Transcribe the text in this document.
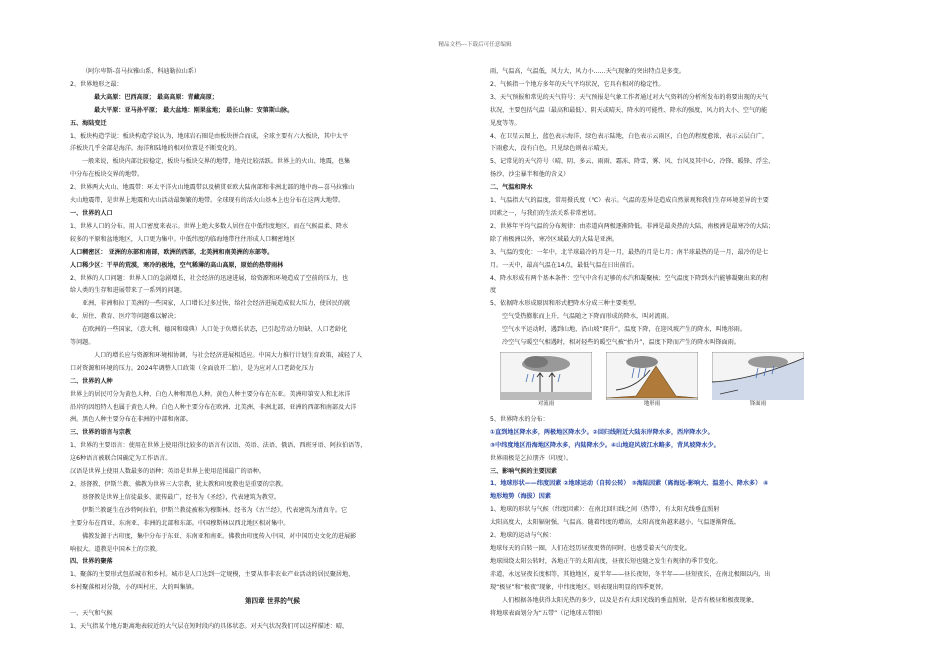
精品文档---下载后可任意编辑
（阿尔卑斯-喜马拉雅山系、科迪勒拉山系）
2、世界地形之最：
最大高原：巴西高原； 最高高原：青藏高原；
最大平原：亚马孙平原； 最大盆地：刚果盆地； 最长山脉：安第斯山脉。
五、海陆变迁
1、板块构造学说：板块构造学说认为，地球岩石圈是由板块拼合而成，全球主要有六大板块，其中太平
洋板块几乎全部是海洋。海洋和陆地的相对位置是不断变化的。
一般来说，板块内部比较稳定，板块与板块交界的地带，地壳比较活跃。世界上的火山、地震，也集
中分布在板块交界的地带。
2、世界两大火山、地震带：环太平洋火山地震带以及横贯亚欧大陆南部和非洲北部的地中海—喜马拉雅山
火山地震带，是世界上地震和火山活动最频繁的地带。全球现有的活火山基本上也分布在这两大地带。
一、世界的人口
1、世界人口的分布。用人口密度来表示。世界上绝大多数人居住在中低纬度地区，而在气候温柔、降水
较多的平原和盆地地区，人口更为集中。中低纬度的临海地带往往形成人口稠密地区
人口稠密区： 亚洲的东部和南部，欧洲的西部，北美洲和南美洲的东部等。
人口稀少区：干旱的荒漠，寒冷的极地，空气稀薄的高山高原，原始的热带雨林
2、世界的人口问题：世界人口的急剧增长，社会经济的迅速进展，给资源和环境造成了空前的压力，也
给人类的生存和进展带来了一系列的问题。
亚洲、非洲和拉丁美洲的一些国家，人口增长过多过快，给社会经济进展造成很大压力，使居民的就
业、居住、教育、医疗等问题难以解决；
在欧洲的一些国家，（意大利、德国和瑞典）人口处于负增长状态，已引起劳动力短缺、人口老龄化
等问题。
人口的增长应与资源和环境相协调，与社会经济进展相适应。中国大力推行计划生育政策，减轻了人
口对资源和环境的压力。2024年调整人口政策（全面放开二胎），是为应对人口老龄化压力
二、世界的人种
世界上的居民可分为黄色人种、白色人种和黑色人种。黄色人种主要分布在东亚。美洲印第安人和北冰洋
沿岸的因纽特人也属于黄色人种。白色人种主要分布在欧洲、北美洲、非洲北部、亚洲的西部和南部及大洋
洲。黑色人种主要分布在非洲的中部和南部。
三、世界的语言与宗教
1、世界的主要语言：使用在世界上使用得比较多的语言有汉语、英语、法语、俄语、西班牙语、阿拉伯语等，
这6种语言被联合国确定为工作语言。
汉语是世界上使用人数最多的语种；英语是世界上使用范围最广的语种。
2、基督教、伊斯兰教、佛教为世界三大宗教，犹太教和印度教也是重要的宗教。
基督教是世界上信徒最多、流传最广，经书为《圣经》，代表建筑为教堂。
伊斯兰教诞生在沙特阿拉伯，伊斯兰教徒被称为穆斯林。经书为《古兰经》，代表建筑为清真寺。它
主要分布在西亚、东南亚、非洲的北部和东部。中国穆斯林以西北地区相对集中。
佛教发源于古印度，集中分布于东亚、东南亚和南亚。佛教由印度传入中国，对中国历史文化的进展影
响很大。道教是中国本土的宗教。
四、世界的聚落
1、聚落的主要形式包括城市和乡村。城市是人口达到一定规模，主要从事非农业产业活动的居民聚居地，
乡村聚落相对分散，小的叫村庄，大的叫集镇。
第四章 世界的气候
一、天气和气候
1、天气指某个地方距离地表较近的大气层在短时段内的具体状态。对天气状况我们可以这样描述：晴，
雨，气温高，气温低，风力大，风力小……天气现象的突出特点是多变。
2、气候指一个地方多年的天气平均状况，它具有相对的稳定性。
3、天气预报和常见的天气符号：天气预报是气象工作者通过对大气资料的分析所发布的将要出现的天气
状况，主要包括气温（最高和最低）、阴天或晴天、降水的可能性、降水的强度、风力的大小、空气的能
见度等等。
4、在卫星云图上，蓝色表示海洋，绿色表示陆地，白色表示云雨区，白色的程度愈浓，表示云层白广，
下雨愈大，没有白色，只见绿色则表示晴天。
5、记常见的天气符号（晴、阴、多云、雨雨、霜冻、降雪、雾、风、台风及其中心、冷锋、暖锋、浮尘、
扬沙、沙尘暴半和他的含义）
二、气温和降水
1、气温指大气的温度，常用摄氏度（℃）表示。气温的差异是造成自然景观和我们生存环境差异的主要
因素之一，与我们的生活关系非常密切。
2、世界年平均气温的分布规律：由赤道向两极逐渐降低。非洲是最炎热的大陆，南极洲是最寒冷的大陆；
除了南极洲以外，寒冷区域最大的大陆是亚洲。
3、气温的变化：一年中，北半球最冷的月是一月，最热的月是七月；南半球最热的是一月，最冷的是七
月。一天中，最高气温在14点，最低气温在日出前后。
4、降水形成有两个基本条件：空气中含有足够的水汽和凝聚核；空气温度下降到水汽能够凝聚出来的程
度
5、依据降水形成原因和形式把降水分成三种主要类型。
空气受热膨胀而上升，气温随之下降而形成的降水，叫对流雨。
空气水平运动时，遇到山地，沿山坡“爬升”，温度下降，在迎风坡产生的降水，叫地形雨。
冷空气与暖空气相遇时，相对轻些的暖空气被“抬升”，温度下降而产生的降水叫锋面雨。
对流雨	地形雨	锋面雨
5、世界降水的分布：
①直到地区降水多，两极地区降水少。②回归线附近大陆东岸降水多，西岸降水少。
③中纬度地区沿海地区降水多，内陆降水少。④山地迎风坡江水略多，背风坡降水少。
世界雨极是乞拉朋齐（印度）。
三、影响气候的主要因素
1、地球形状——纬度因素 ②地球运动（自转公转） ③海陆因素（离海远-影响大、温差小、降水多） ④
地形地势（海拔）因素
1、地球的形状与气候（纬度因素）：在南北回归线之间（热带），有太阳光线垂直照射
太阳高度大，太阳辐射强，气温高。随着纬度的增高，太阳高度角越来越小，气温逐渐降低。
2、地球的运动与气候：
地球每天的自转一圈，人们在经历昼夜更替的同时，也感受着天气的变化。
地球围绕太阳公转时，各地正午的太阳高度，昼夜长短也随之发生有规律的季节变化。
赤道，永远昼夜长度相等，其他地区，夏半年——昼长夜短，冬半年——昼短夜长，在南北极圈以内，出
现“极昼”和“极夜”现象，中纬度地区，则表现出明显的四季更替。
人们根据各地获得太阳光热的多少，以及是否有太阳光线的垂直照射，是否有极昼和极夜现象，
将地球表面划分为“五带”（记地球五带图）
